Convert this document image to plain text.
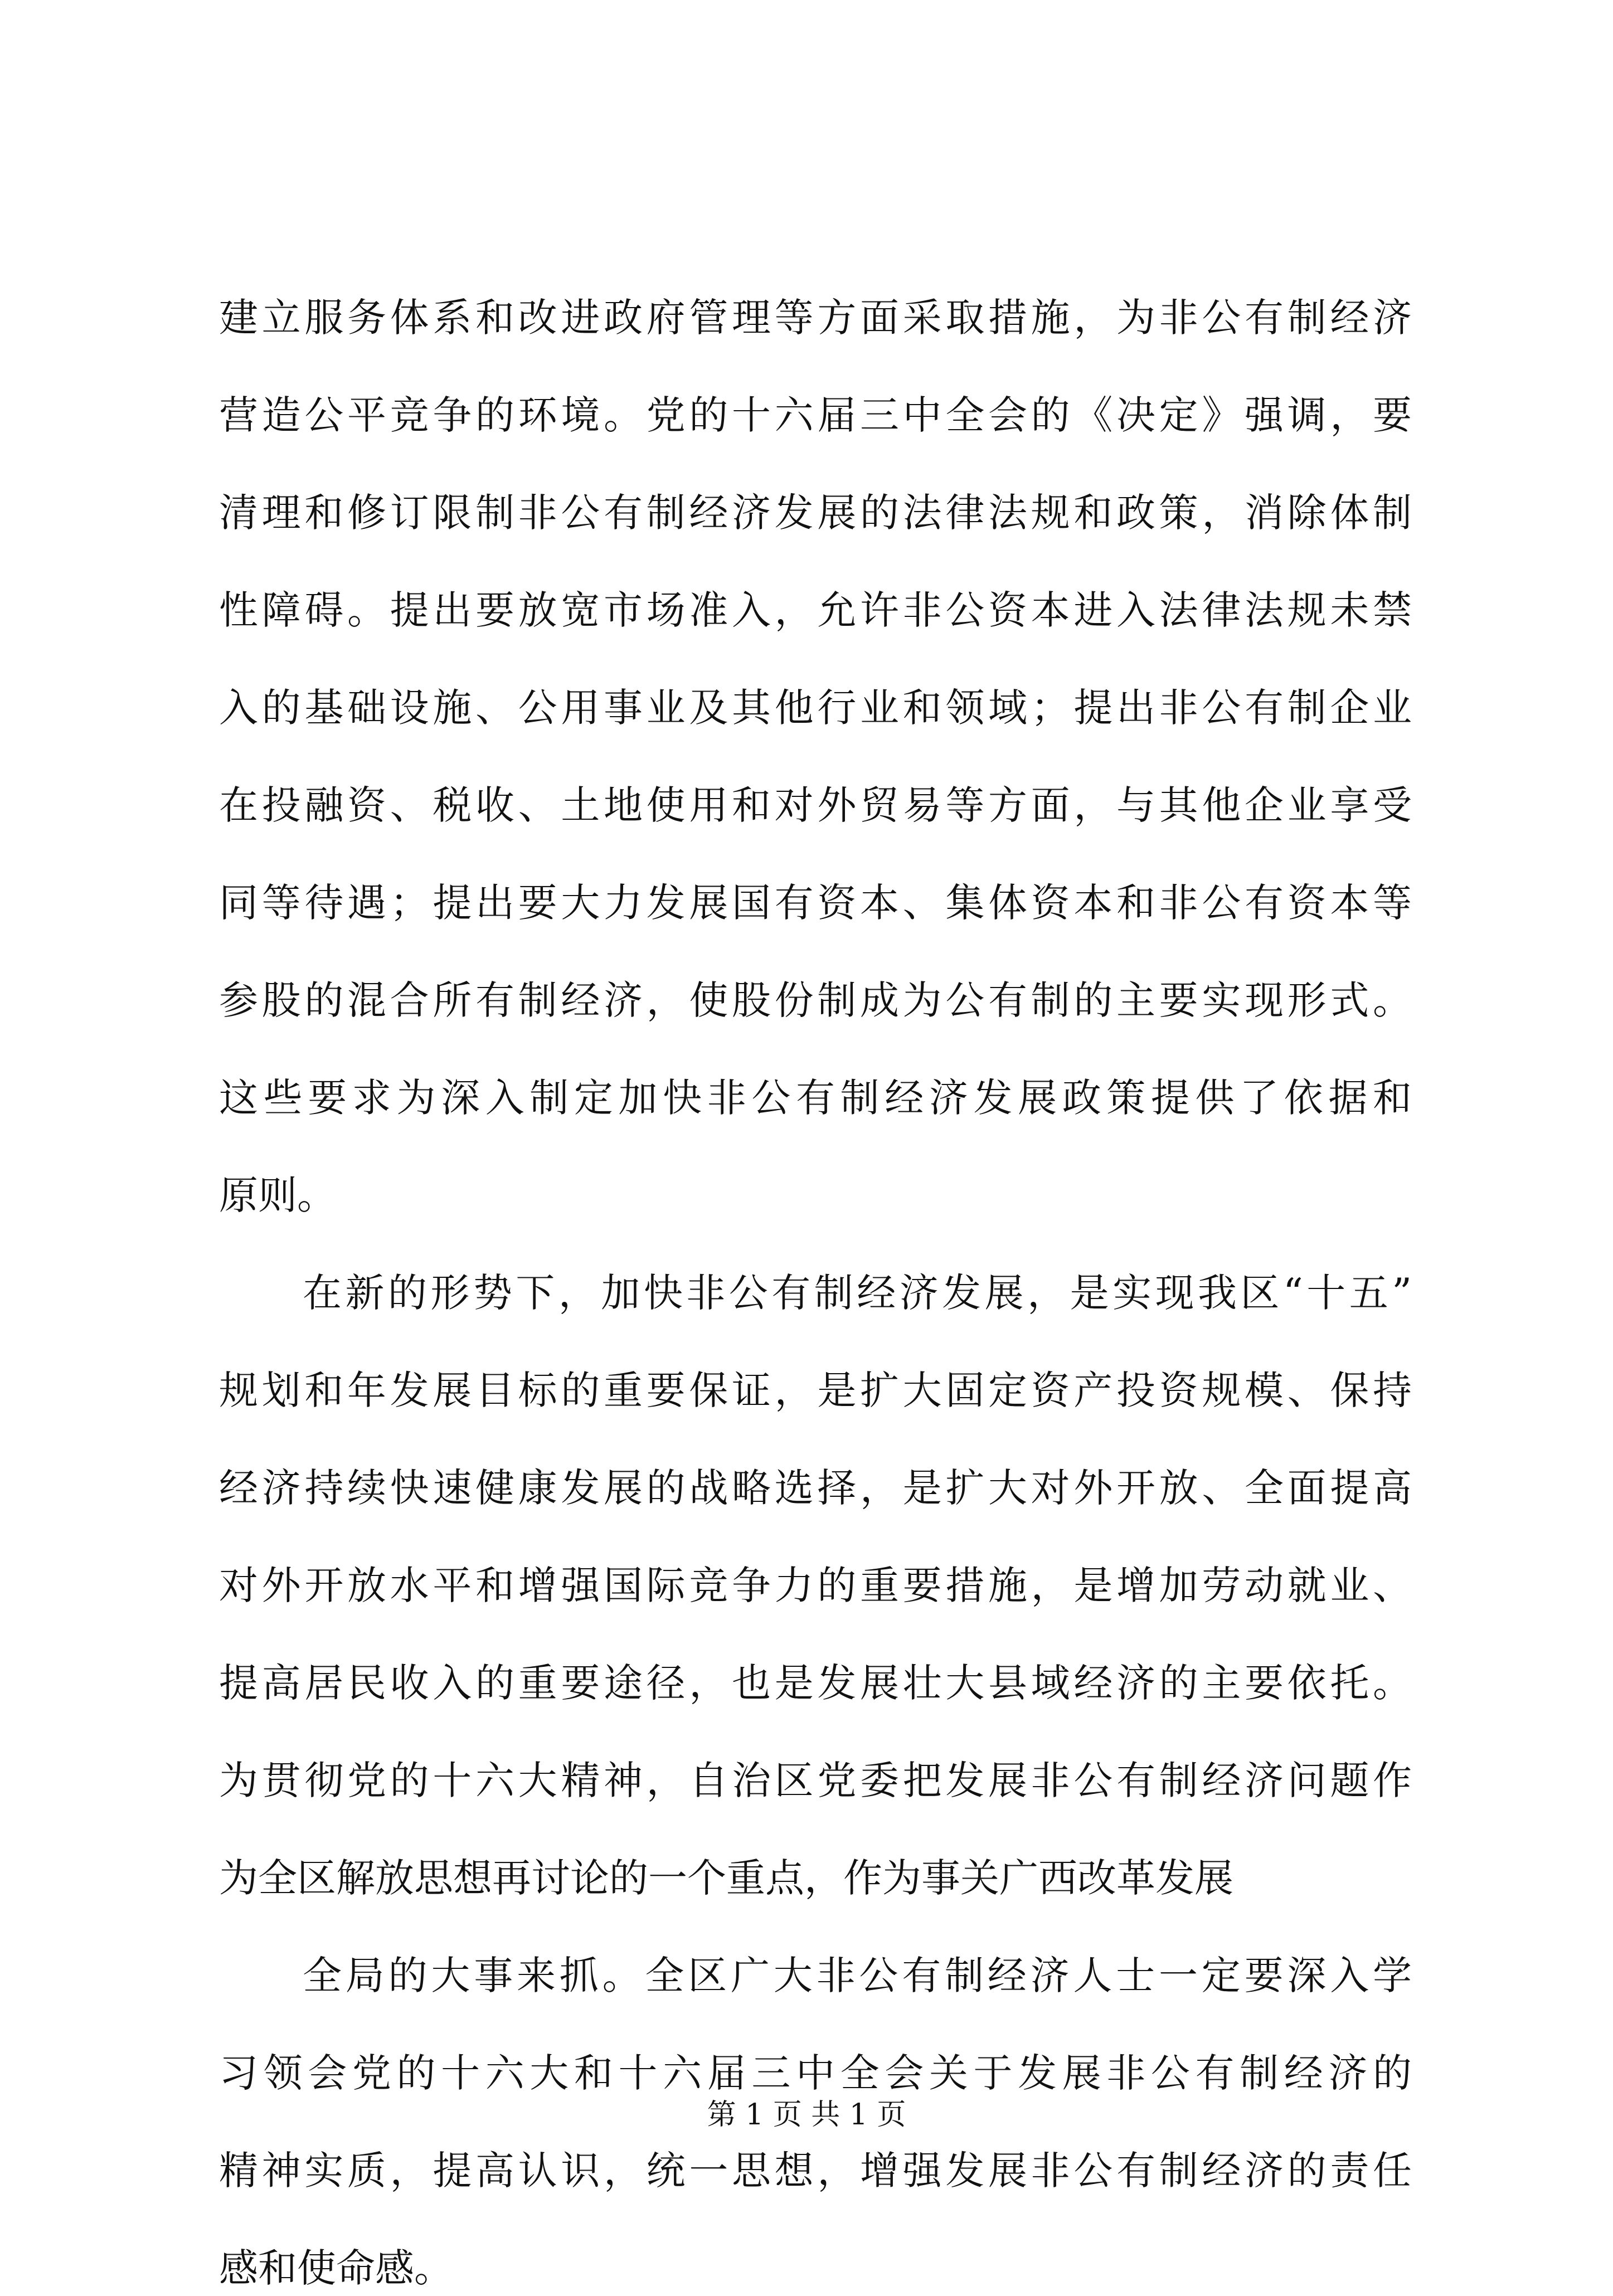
建立服务体系和改进政府管理等方面采取措施，为非公有制经济
营造公平竞争的环境。党的十六届三中全会的《决定》强调，要
清理和修订限制非公有制经济发展的法律法规和政策，消除体制
性障碍。提出要放宽市场准入，允许非公资本进入法律法规未禁
入的基础设施、公用事业及其他行业和领域；提出非公有制企业
在投融资、税收、土地使用和对外贸易等方面，与其他企业享受
同等待遇；提出要大力发展国有资本、集体资本和非公有资本等
参股的混合所有制经济，使股份制成为公有制的主要实现形式。
这些要求为深入制定加快非公有制经济发展政策提供了依据和
原则。
在新的形势下，加快非公有制经济发展，是实现我区“十五”
规划和年发展目标的重要保证，是扩大固定资产投资规模、保持
经济持续快速健康发展的战略选择，是扩大对外开放、全面提高
对外开放水平和增强国际竞争力的重要措施，是增加劳动就业、
提高居民收入的重要途径，也是发展壮大县域经济的主要依托。
为贯彻党的十六大精神，自治区党委把发展非公有制经济问题作
为全区解放思想再讨论的一个重点，作为事关广西改革发展
全局的大事来抓。全区广大非公有制经济人士一定要深入学
习领会党的十六大和十六届三中全会关于发展非公有制经济的
精神实质，提高认识，统一思想，增强发展非公有制经济的责任
感和使命感。
第 1 页 共 1 页
